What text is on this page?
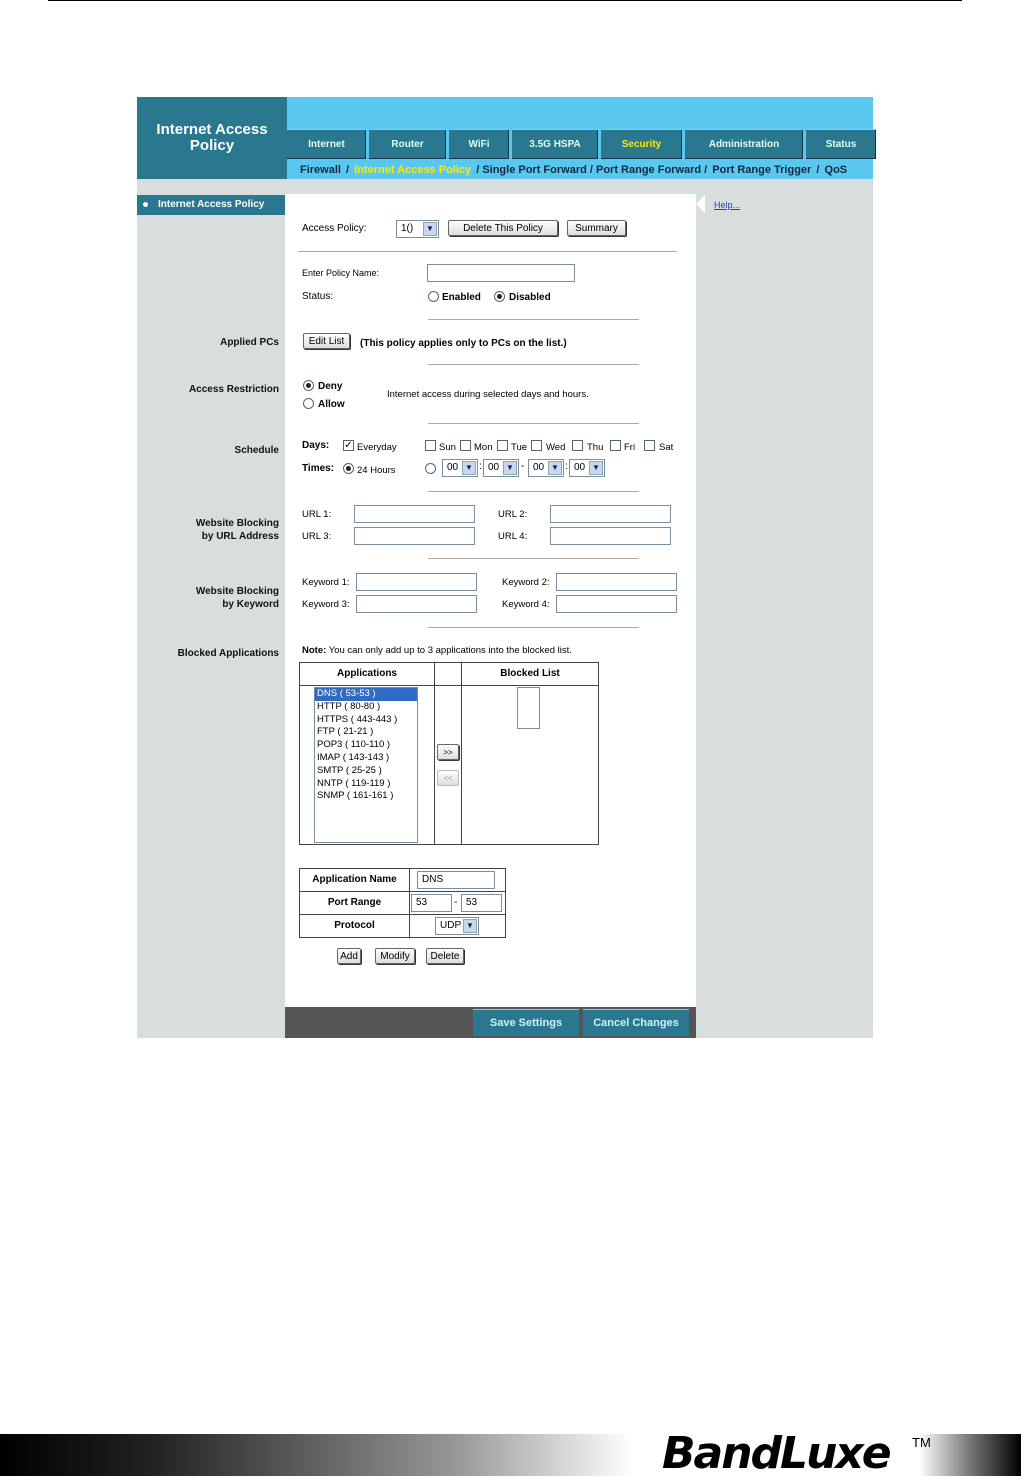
Internet Access
Policy	Internet	Router	WiFi	3.5G HSPA	Security	Administration	Status
Firewall / Internet Access Policy / Single Port Forward / Port Range Forward / Port Range Trigger / QoS
Internet Access Policy
Applied PCs
Access Restriction
Schedule
Website Blocking
by URL Address
Website Blocking
by Keyword
Blocked Applications
Help...
Access Policy:	1()	▼	Delete This Policy	Summary
Enter Policy Name:
Status:	Enabled	Disabled
Edit List	(This policy applies only to PCs on the list.)
Deny
Allow
Internet access during selected days and hours.
Days: ✓ Everyday	Sun Mon Tue Wed Thu Fri	Sat
Times: 24 Hours	00 ▼ : 00 ▼ - 00 ▼ : 00 ▼
URL 1:	URL 2:
URL 3:	URL 4:
Keyword 1:	Keyword 2:
Keyword 3:	Keyword 4:
Note: You can only add up to 3 applications into the blocked list.
Applications	Blocked List
DNS ( 53-53 )
HTTP ( 80-80 )
HTTPS ( 443-443 )
FTP ( 21-21 )
POP3 ( 110-110 )
IMAP ( 143-143 )
SMTP ( 25-25 )
NNTP ( 119-119 )
SNMP ( 161-161 )
>>
<<
Application Name	DNS
Port Range	53	- 53
Protocol	UDP ▼
Add	Modify	Delete
Save Settings	Cancel Changes
BandLuxe TM
